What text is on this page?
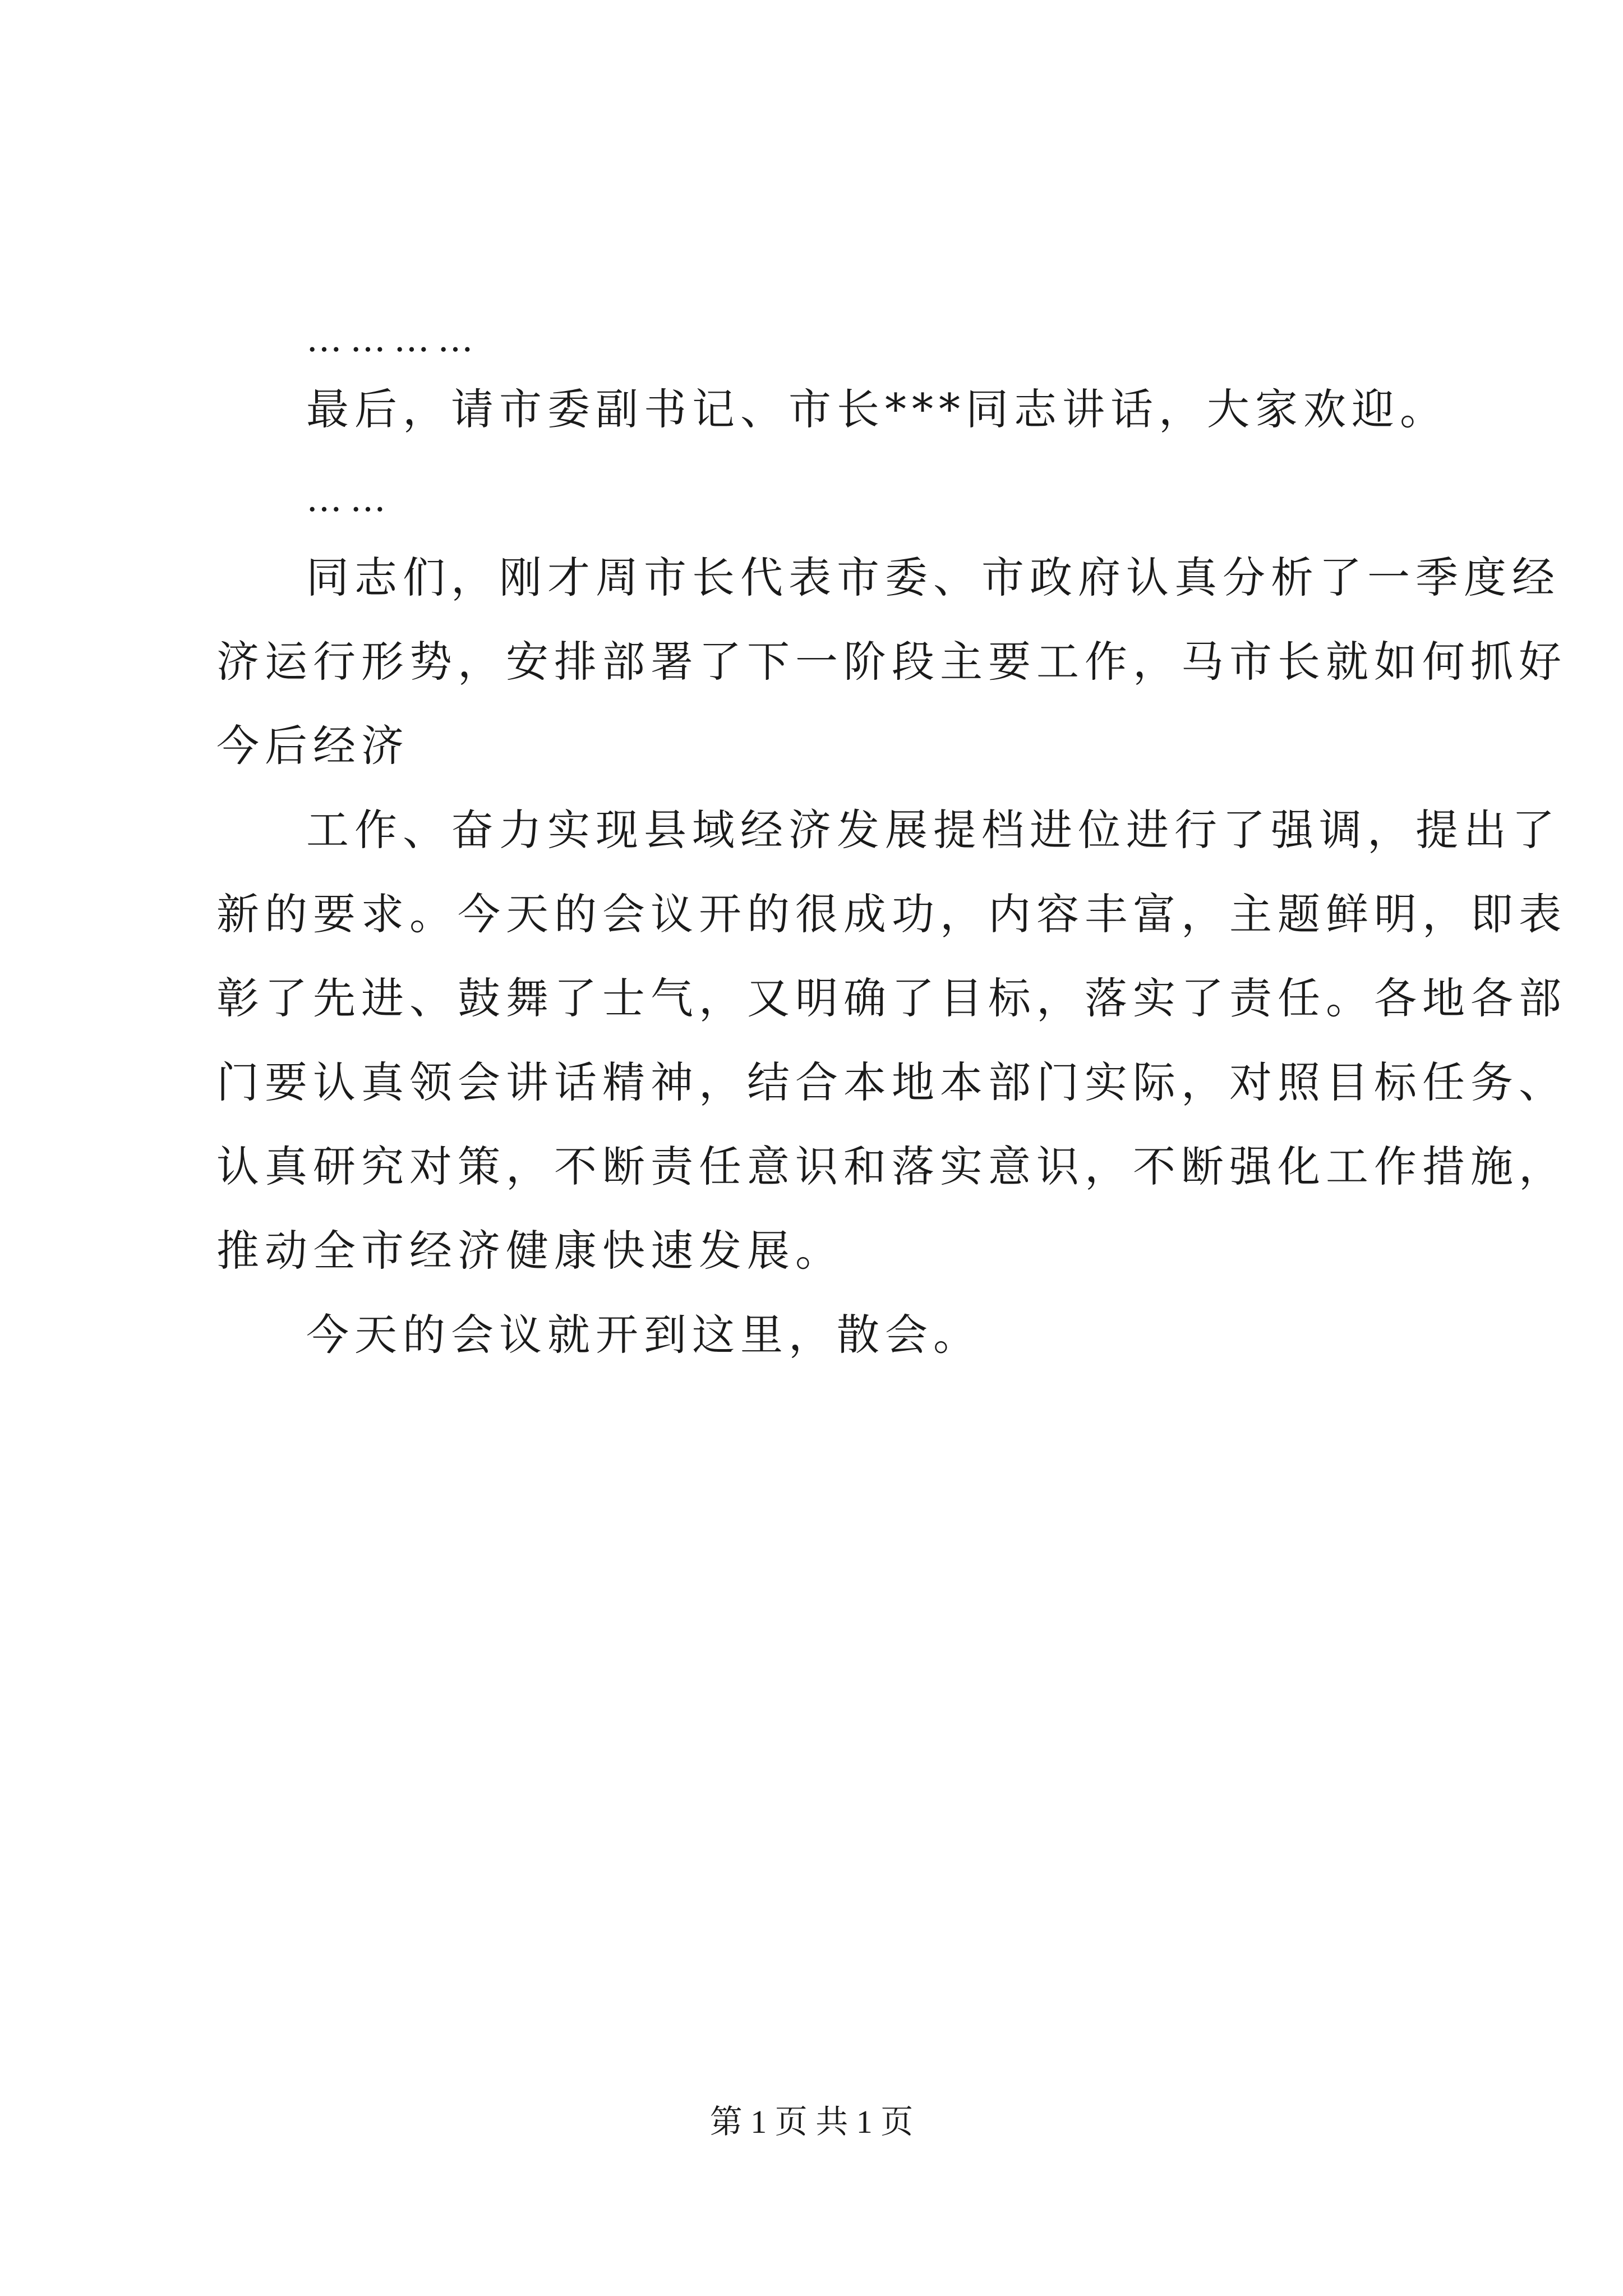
…………
最后，请市委副书记、市长***同志讲话，大家欢迎。
……
同志们，刚才周市长代表市委、市政府认真分析了一季度经
济运行形势，安排部署了下一阶段主要工作，马市长就如何抓好
今后经济
工作、奋力实现县域经济发展提档进位进行了强调，提出了
新的要求。今天的会议开的很成功，内容丰富，主题鲜明，即表
彰了先进、鼓舞了士气，又明确了目标，落实了责任。各地各部
门要认真领会讲话精神，结合本地本部门实际，对照目标任务、
认真研究对策，不断责任意识和落实意识，不断强化工作措施，
推动全市经济健康快速发展。
今天的会议就开到这里，散会。
第 1 页 共 1 页
